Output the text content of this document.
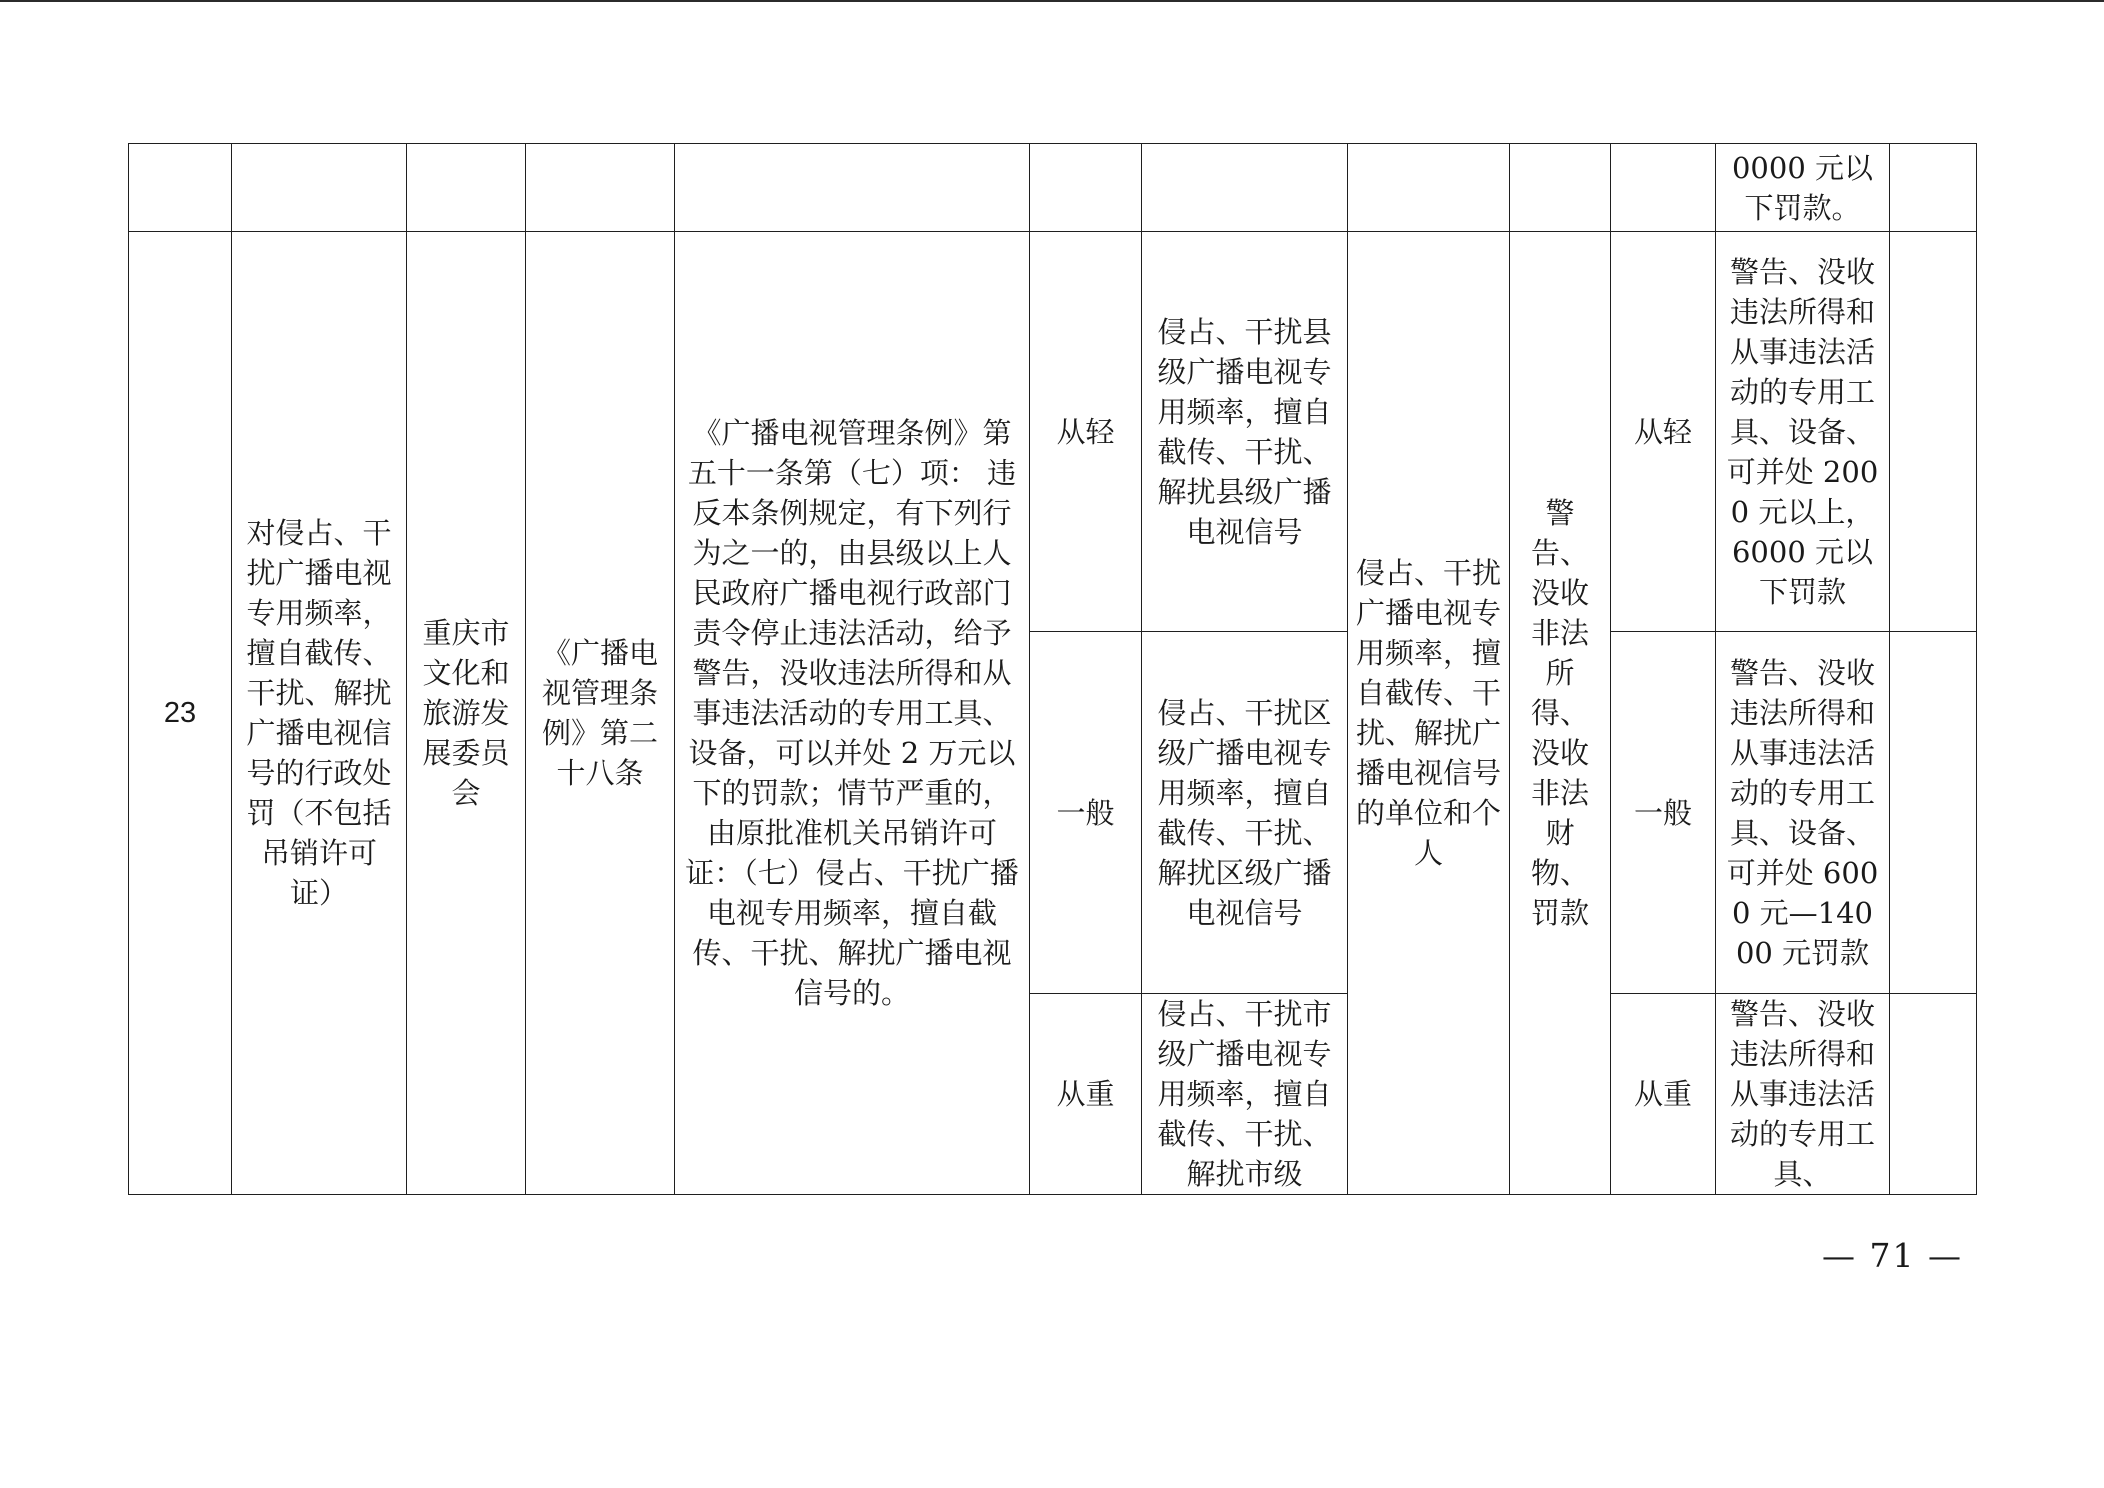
										0000 元以下罚款。	
23	对侵占、干扰广播电视专用频率，擅自截传、干扰、解扰广播电视信号的行政处罚（不包括吊销许可证）	重庆市文化和旅游发展委员会	《广播电视管理条例》第二十八条	《广播电视管理条例》第五十一条第（七）项： 违反本条例规定，有下列行为之一的，由县级以上人民政府广播电视行政部门责令停止违法活动，给予警告，没收违法所得和从事违法活动的专用工具、设备，可以并处 2 万元以下的罚款；情节严重的，由原批准机关吊销许可证：（七）侵占、干扰广播电视专用频率，擅自截传、干扰、解扰广播电视信号的。	从轻	侵占、干扰县级广播电视专用频率，擅自截传、干扰、解扰县级广播电视信号	侵占、干扰广播电视专用频率，擅自截传、干扰、解扰广播电视信号的单位和个人	警告、没收非法所得、没收非法财物、罚款	从轻	警告、没收违法所得和从事违法活动的专用工具、设备、可并处 2000 元以上，6000 元以下罚款	
					一般	侵占、干扰区级广播电视专用频率，擅自截传、干扰、解扰区级广播电视信号			一般	警告、没收违法所得和从事违法活动的专用工具、设备、可并处 6000 元—14000 元罚款	
					从重	侵占、干扰市级广播电视专用频率，擅自截传、干扰、解扰市级			从重	警告、没收违法所得和从事违法活动的专用工具、	
— 71 —
